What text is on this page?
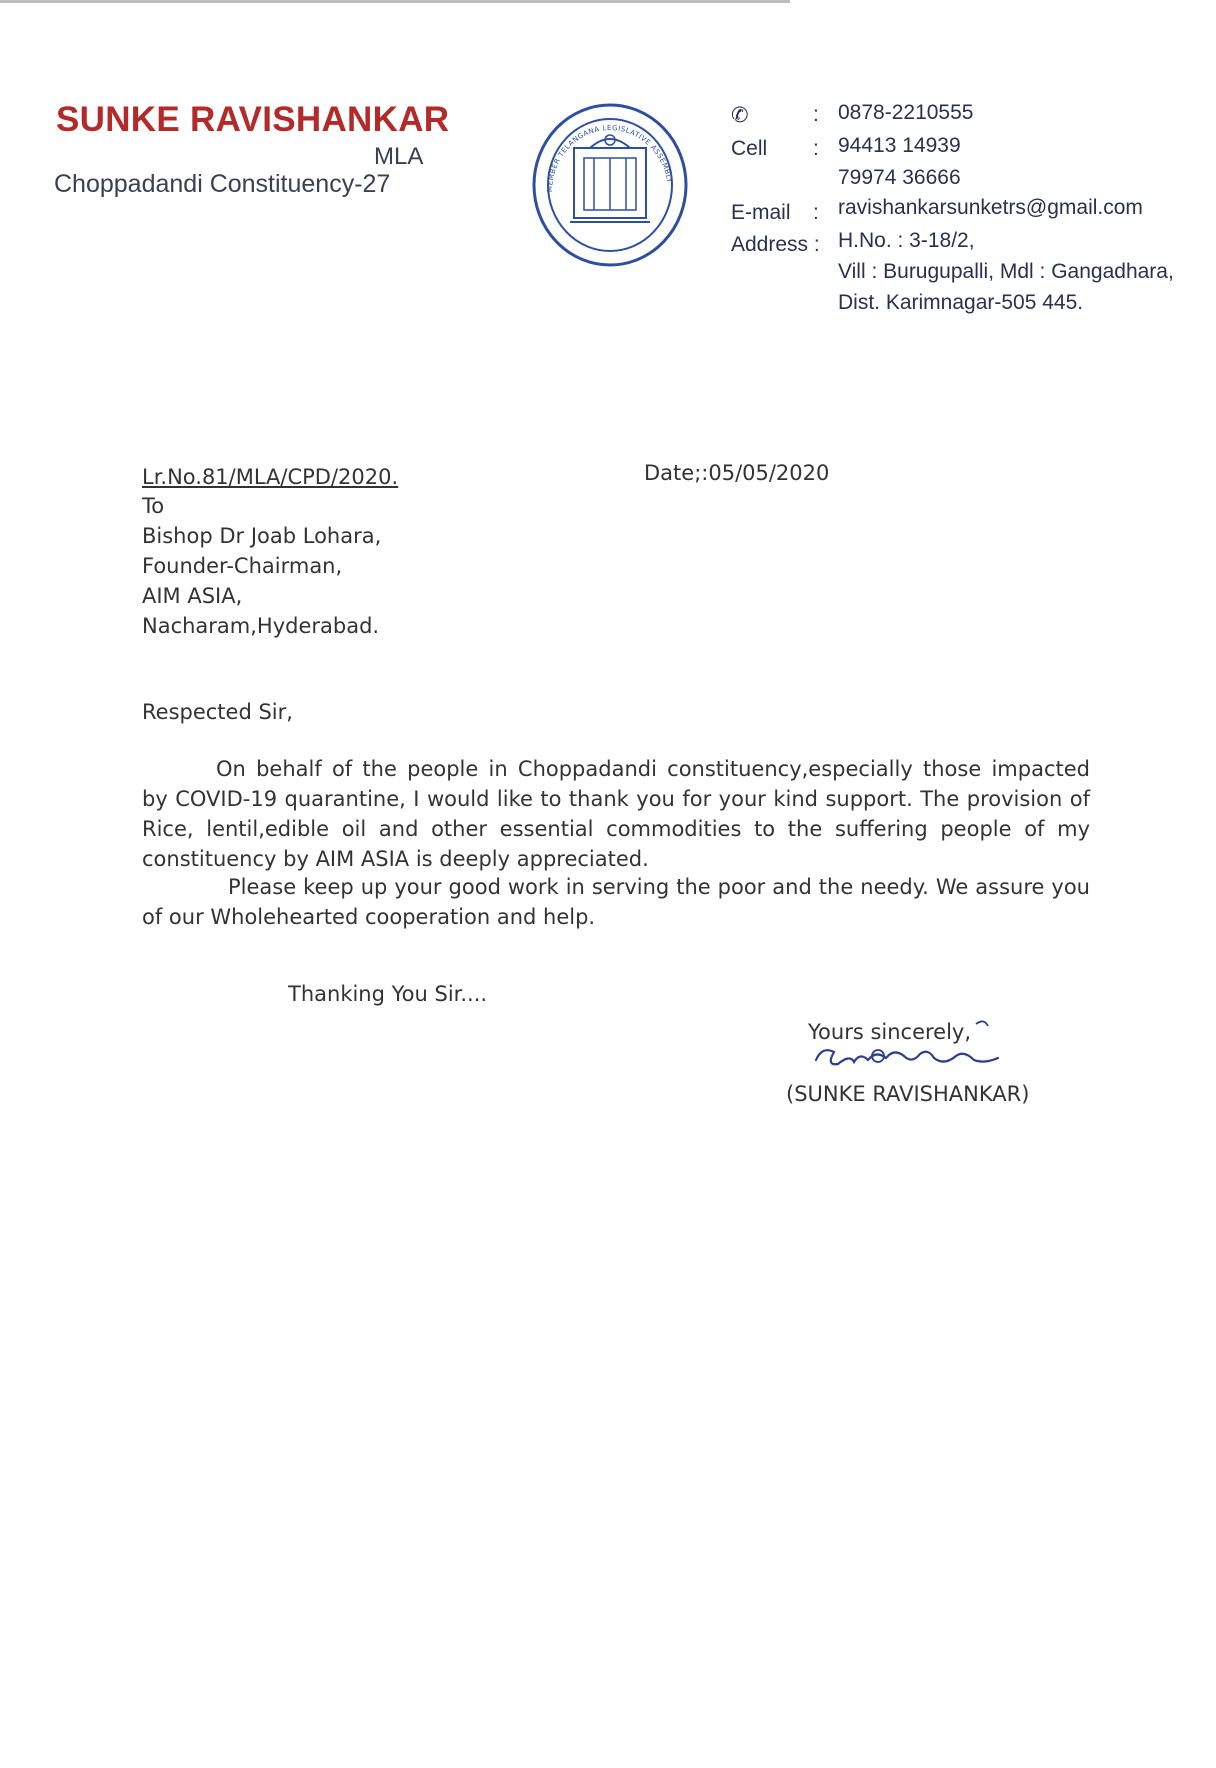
SUNKE RAVISHANKAR
MLA
Choppadandi Constituency-27	MEMBER TELANGANA LEGISLATIVE ASSEMBLY
✆	: 0878-2210555
Cell : 94413 14939
79974 36666
E-mail : ravishankarsunketrs@gmail.com
Address : H.No. : 3-18/2,
Vill : Burugupalli, Mdl : Gangadhara,
Dist. Karimnagar-505 445.
Lr.No.81/MLA/CPD/2020.	Date;:05/05/2020
To
Bishop Dr Joab Lohara,
Founder-Chairman,
AIM ASIA,
Nacharam,Hyderabad.
Respected Sir,

On behalf of the people in Choppadandi constituency,especially those impacted by COVID-19 quarantine, I would like to thank you for your kind support. The provision of Rice, lentil,edible oil and other essential commodities to the suffering people of my constituency by AIM ASIA is deeply appreciated.

Please keep up your good work in serving the poor and the needy. We assure you of our Wholehearted cooperation and help.

Thanking You Sir....
Yours sincerely,
(SUNKE RAVISHANKAR)
